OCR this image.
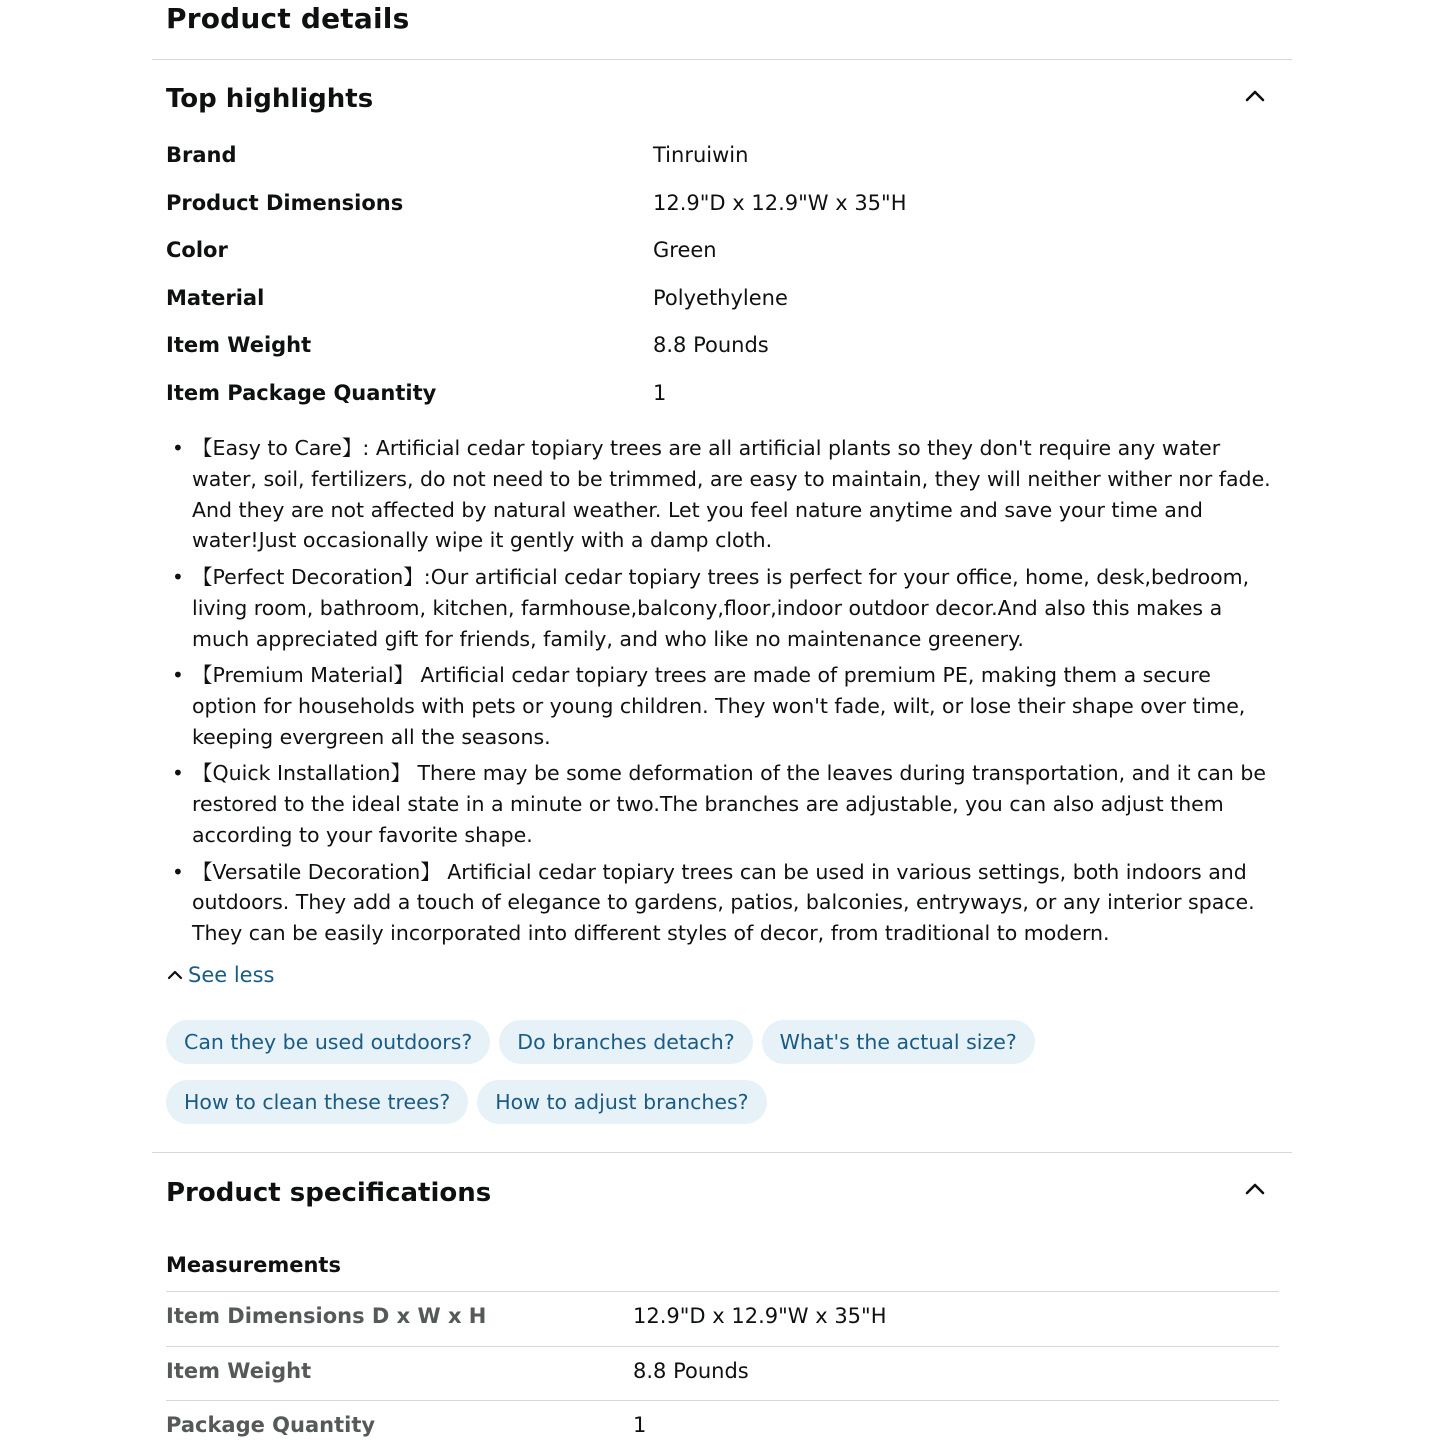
Product details
Top highlights
Brand	Tinruiwin
Product Dimensions	12.9"D x 12.9"W x 35"H
Color	Green
Material	Polyethylene
Item Weight	8.8 Pounds
Item Package Quantity	1
• 【Easy to Care】: Artificial cedar topiary trees are all artificial plants so they don't require any water water, soil, fertilizers, do not need to be trimmed, are easy to maintain, they will neither wither nor fade. And they are not affected by natural weather. Let you feel nature anytime and save your time and water!Just occasionally wipe it gently with a damp cloth.
• 【Perfect Decoration】:Our artificial cedar topiary trees is perfect for your office, home, desk,bedroom, living room, bathroom, kitchen, farmhouse,balcony,floor,indoor outdoor decor.And also this makes a much appreciated gift for friends, family, and who like no maintenance greenery.
• 【Premium Material】 Artificial cedar topiary trees are made of premium PE, making them a secure option for households with pets or young children. They won't fade, wilt, or lose their shape over time, keeping evergreen all the seasons.
• 【Quick Installation】 There may be some deformation of the leaves during transportation, and it can be restored to the ideal state in a minute or two.The branches are adjustable, you can also adjust them according to your favorite shape.
• 【Versatile Decoration】 Artificial cedar topiary trees can be used in various settings, both indoors and outdoors. They add a touch of elegance to gardens, patios, balconies, entryways, or any interior space. They can be easily incorporated into different styles of decor, from traditional to modern.
See less
Can they be used outdoors?	Do branches detach?	What's the actual size?
How to clean these trees?	How to adjust branches?
Product specifications
Measurements
Item Dimensions D x W x H	12.9"D x 12.9"W x 35"H
Item Weight	8.8 Pounds
Package Quantity	1
